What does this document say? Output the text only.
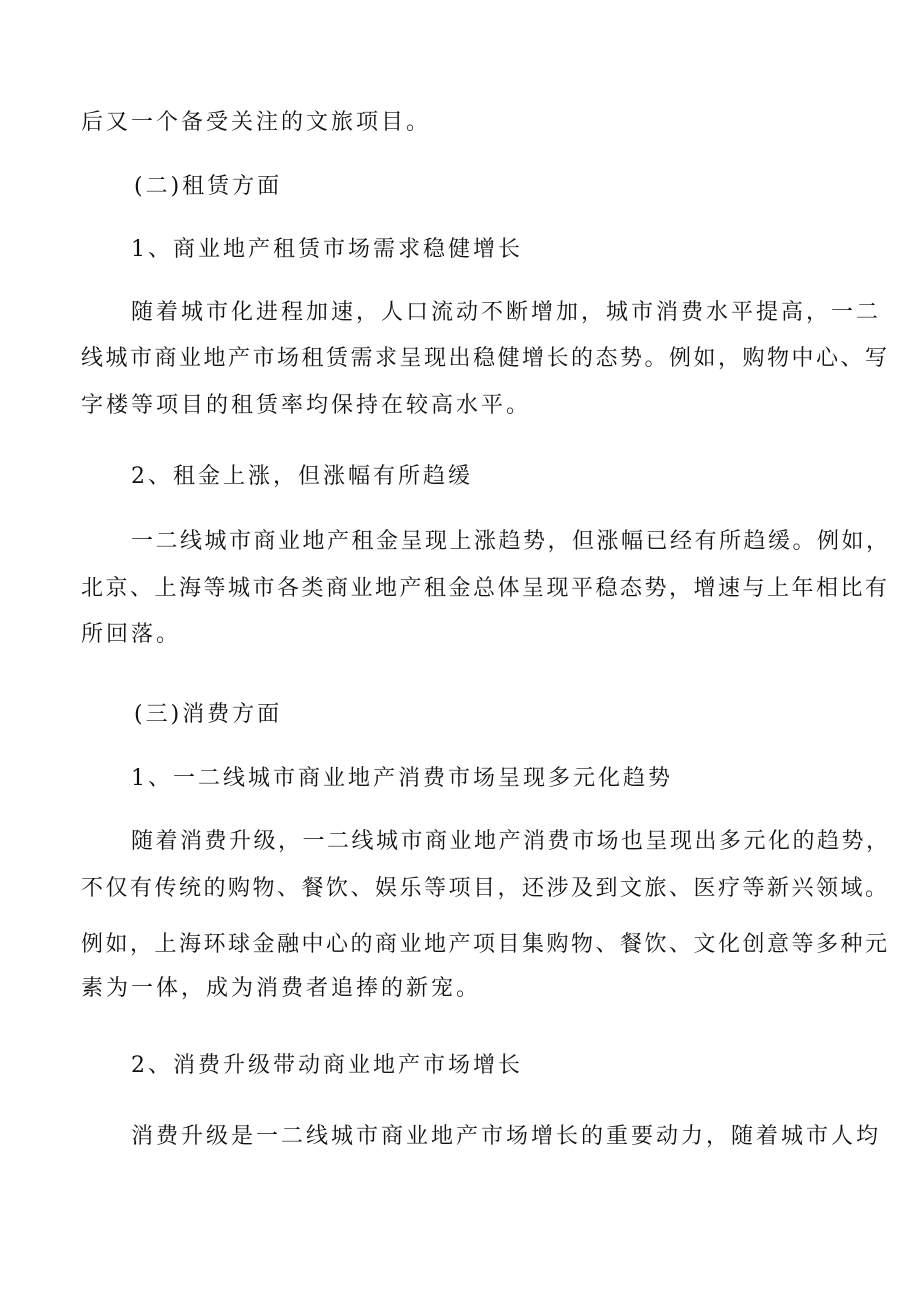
后又一个备受关注的文旅项目。
(二)租赁方面
1、商业地产租赁市场需求稳健增长
随着城市化进程加速，人口流动不断增加，城市消费水平提高，一二
线城市商业地产市场租赁需求呈现出稳健增长的态势。例如，购物中心、写
字楼等项目的租赁率均保持在较高水平。
2、租金上涨，但涨幅有所趋缓
一二线城市商业地产租金呈现上涨趋势，但涨幅已经有所趋缓。例如，
北京、上海等城市各类商业地产租金总体呈现平稳态势，增速与上年相比有
所回落。
(三)消费方面
1、一二线城市商业地产消费市场呈现多元化趋势
随着消费升级，一二线城市商业地产消费市场也呈现出多元化的趋势，
不仅有传统的购物、餐饮、娱乐等项目，还涉及到文旅、医疗等新兴领域。
例如，上海环球金融中心的商业地产项目集购物、餐饮、文化创意等多种元
素为一体，成为消费者追捧的新宠。
2、消费升级带动商业地产市场增长
消费升级是一二线城市商业地产市场增长的重要动力，随着城市人均
